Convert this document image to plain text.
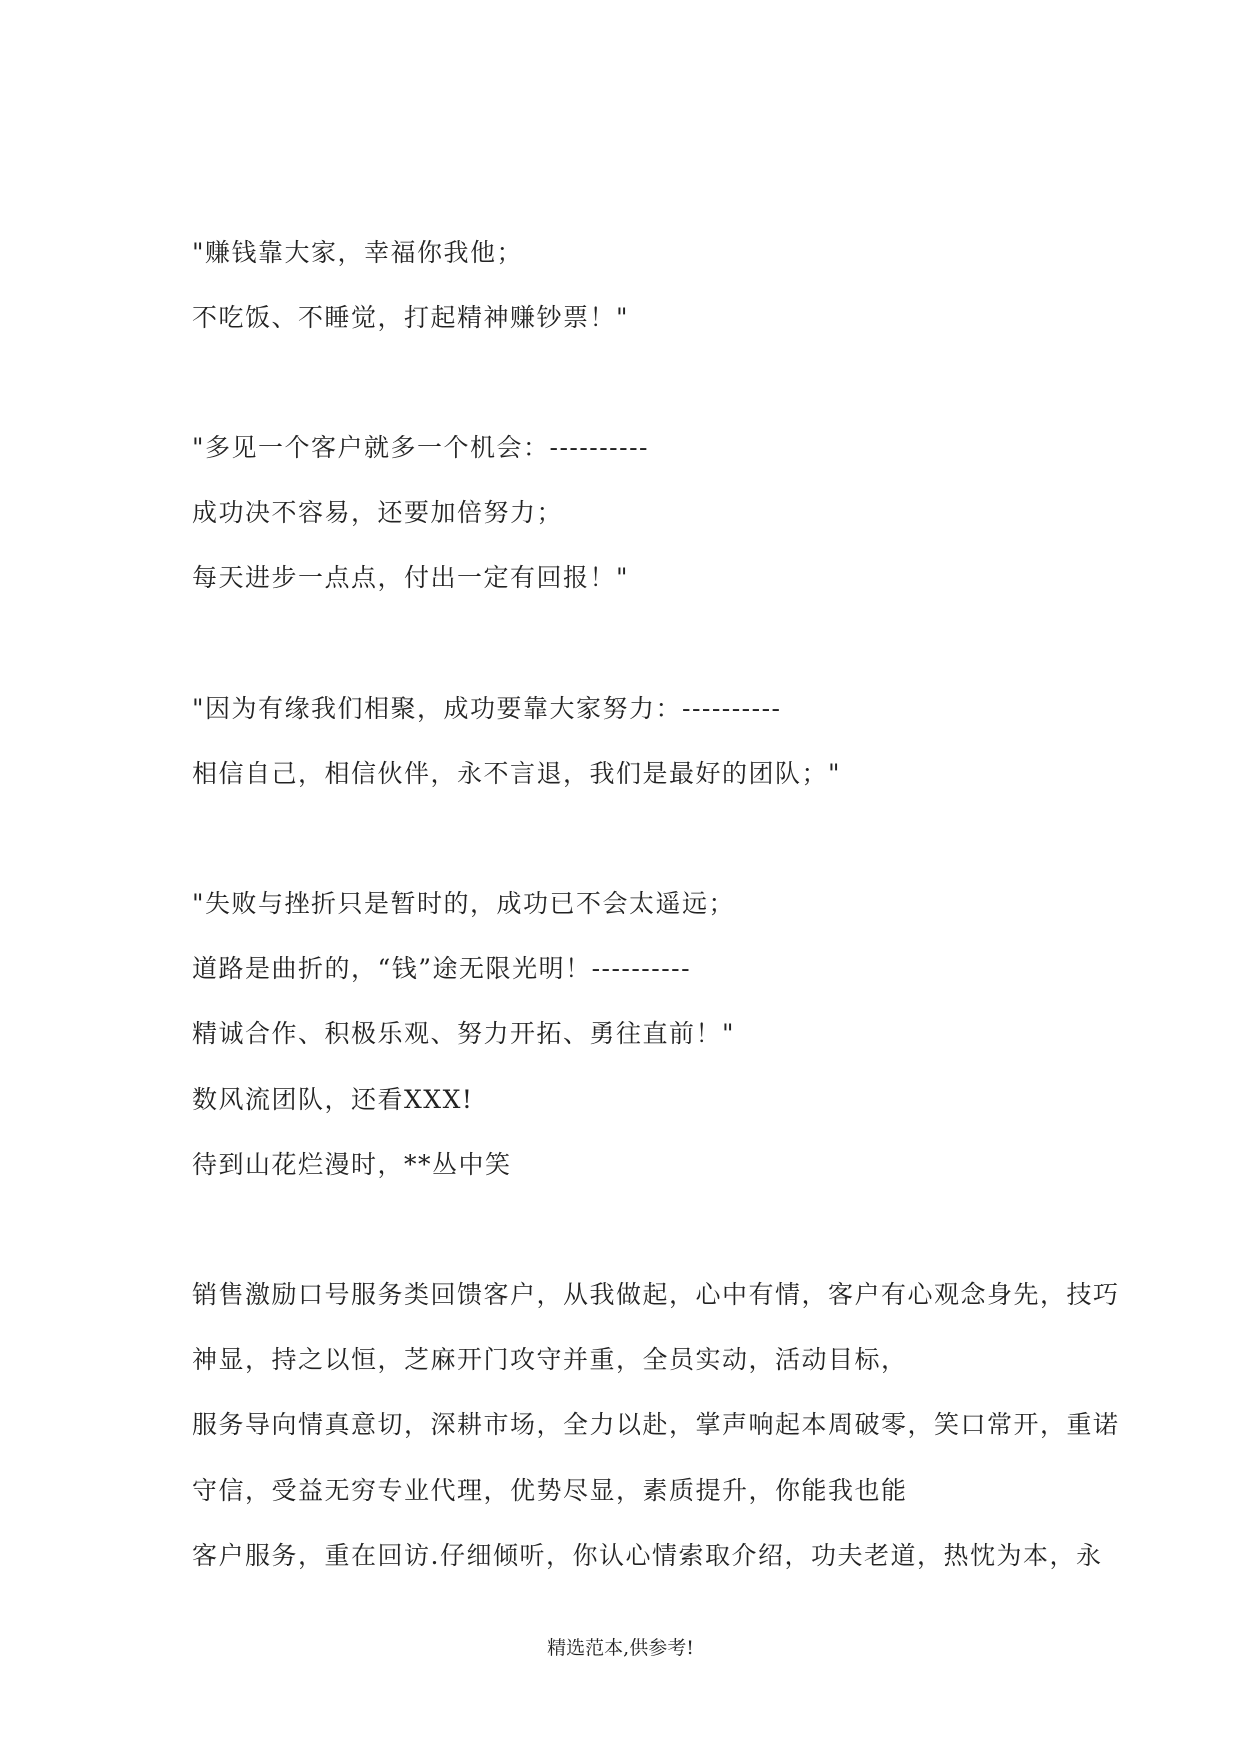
"赚钱靠大家，幸福你我他；
不吃饭、不睡觉，打起精神赚钞票！"
"多见一个客户就多一个机会：----------
成功决不容易，还要加倍努力；
每天进步一点点，付出一定有回报！"
"因为有缘我们相聚，成功要靠大家努力：----------
相信自己，相信伙伴，永不言退，我们是最好的团队；"
"失败与挫折只是暂时的，成功已不会太遥远；
道路是曲折的，“钱”途无限光明！----------
精诚合作、积极乐观、努力开拓、勇往直前！"
数风流团队，还看XXX!
待到山花烂漫时，**丛中笑
销售激励口号服务类回馈客户，从我做起，心中有情，客户有心观念身先，技巧
神显，持之以恒，芝麻开门攻守并重，全员实动，活动目标，
服务导向情真意切，深耕市场，全力以赴，掌声响起本周破零，笑口常开，重诺
守信，受益无穷专业代理，优势尽显，素质提升，你能我也能
客户服务，重在回访.仔细倾听，你认心情索取介绍，功夫老道，热忱为本，永
精选范本,供参考!
